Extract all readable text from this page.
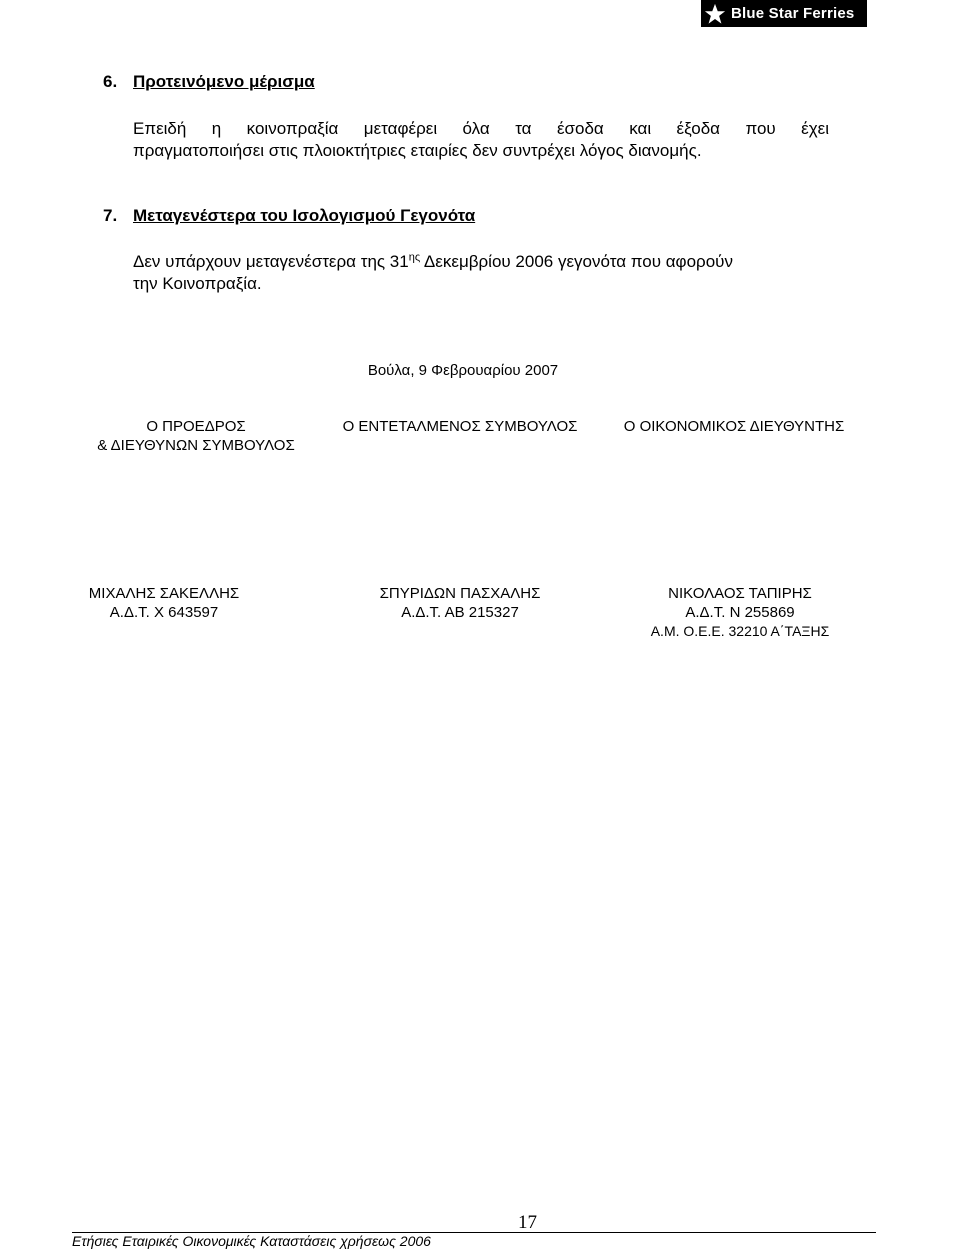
Blue Star Ferries
6. Προτεινόμενο μέρισμα
Επειδή η κοινοπραξία μεταφέρει όλα τα έσοδα και έξοδα που έχει
πραγματοποιήσει στις πλοιοκτήτριες εταιρίες δεν συντρέχει λόγος διανομής.
7. Μεταγενέστερα του Ισολογισμού Γεγονότα
Δεν υπάρχουν μεταγενέστερα της $31^{\eta\varsigma}$ Δεκεμβρίου 2006 γεγονότα που αφορούν
την Κοινοπραξία.
Βούλα, 9 Φεβρουαρίου 2007
Ο ΠΡΟΕΔΡΟΣ
& ΔΙΕΥΘΥΝΩΝ ΣΥΜΒΟΥΛΟΣ
Ο ΕΝΤΕΤΑΛΜΕΝΟΣ ΣΥΜΒΟΥΛΟΣ	Ο ΟΙΚΟΝΟΜΙΚΟΣ ΔΙΕΥΘΥΝΤΗΣ
ΜΙΧΑΛΗΣ ΣΑΚΕΛΛΗΣ
Α.Δ.Τ. Χ 643597
ΣΠΥΡΙΔΩΝ ΠΑΣΧΑΛΗΣ
Α.Δ.Τ. ΑΒ 215327
ΝΙΚΟΛΑΟΣ ΤΑΠΙΡΗΣ
Α.Δ.Τ. Ν 255869
Α.Μ. Ο.Ε.Ε. 32210 Α΄ΤΑΞΗΣ
17
Ετήσιες Εταιρικές Οικονομικές Καταστάσεις χρήσεως 2006
